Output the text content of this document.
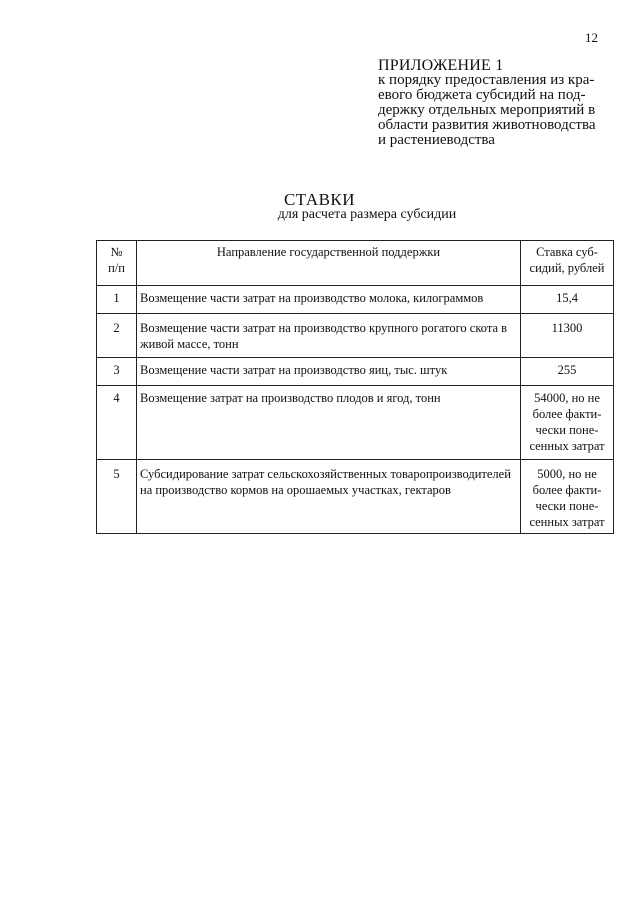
12
ПРИЛОЖЕНИЕ 1
к порядку предоставления из кра-
евого бюджета субсидий на под-
держку отдельных мероприятий в
области развития животноводства
и растениеводства
СТАВКИ
для расчета размера субсидии
№
п/п	Направление государственной поддержки	Ставка суб-
сидий, рублей

1	Возмещение части затрат на производство молока, килограммов	15,4

2	Возмещение части затрат на производство крупного рогатого скота в живой массе, тонн	11300

3	Возмещение части затрат на производство яиц, тыс. штук	255

4	Возмещение затрат на производство плодов и ягод, тонн	54000, но не
более факти-
чески поне-
сенных затрат

5	Субсидирование затрат сельскохозяйственных товаропроизводителей на производство кормов на орошаемых участках, гектаров	5000, но не
более факти-
чески поне-
сенных затрат
